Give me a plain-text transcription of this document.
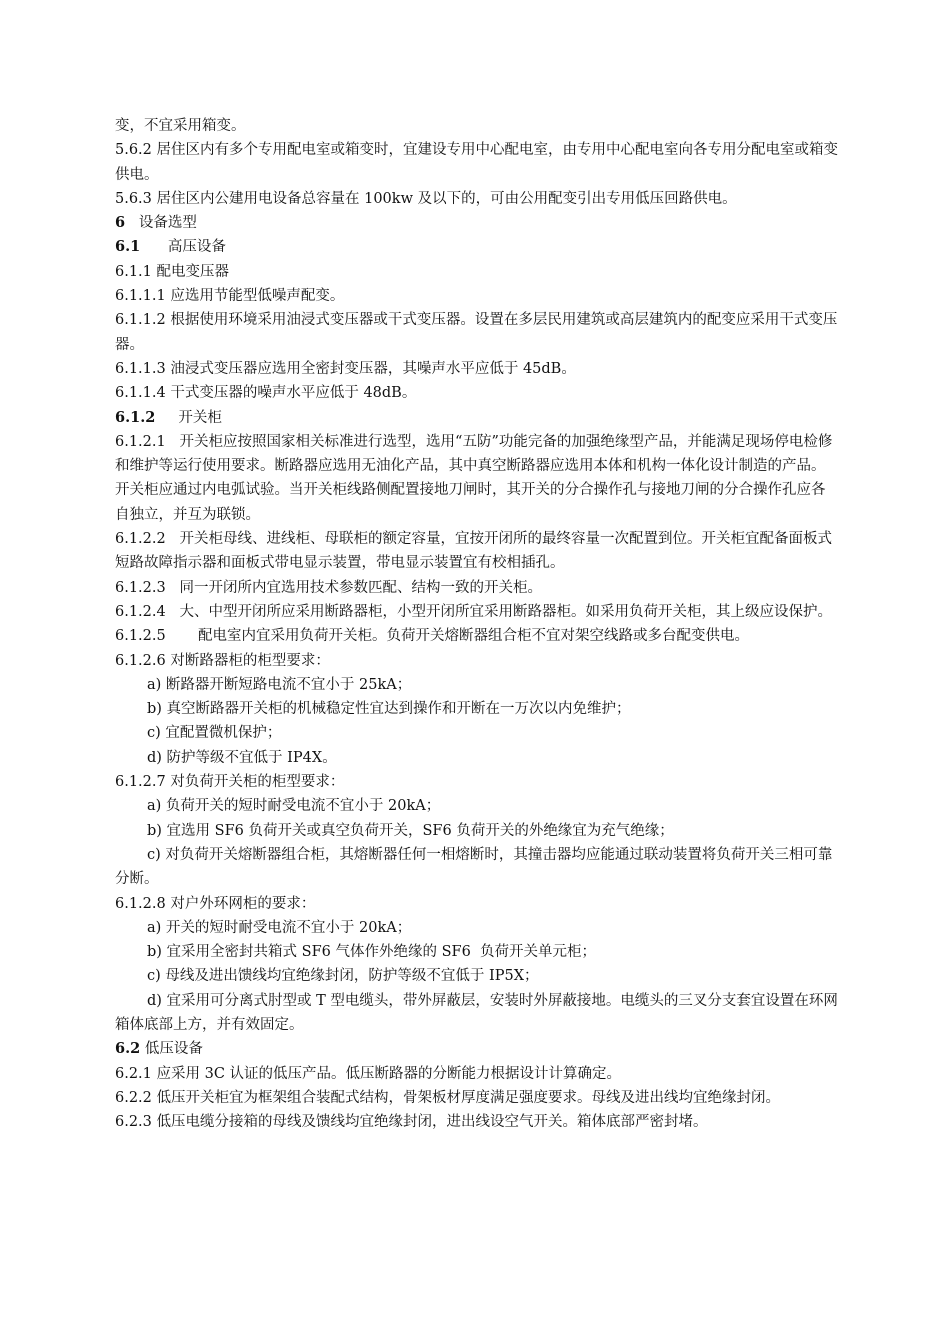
变，不宜采用箱变。

5.6.2 居住区内有多个专用配电室或箱变时，宜建设专用中心配电室，由专用中心配电室向各专用分配电室或箱变供电。

5.6.3 居住区内公建用电设备总容量在 100kw 及以下的，可由公用配变引出专用低压回路供电。

6   设备选型

6.1      高压设备

6.1.1 配电变压器

6.1.1.1 应选用节能型低噪声配变。

6.1.1.2 根据使用环境采用油浸式变压器或干式变压器。设置在多层民用建筑或高层建筑内的配变应采用干式变压器。

6.1.1.3 油浸式变压器应选用全密封变压器，其噪声水平应低于 45dB。

6.1.1.4 干式变压器的噪声水平应低于 48dB。

6.1.2     开关柜

6.1.2.1   开关柜应按照国家相关标准进行选型，选用“五防”功能完备的加强绝缘型产品，并能满足现场停电检修和维护等运行使用要求。断路器应选用无油化产品，其中真空断路器应选用本体和机构一体化设计制造的产品。开关柜应通过内电弧试验。当开关柜线路侧配置接地刀闸时，其开关的分合操作孔与接地刀闸的分合操作孔应各自独立，并互为联锁。

6.1.2.2   开关柜母线、进线柜、母联柜的额定容量，宜按开闭所的最终容量一次配置到位。开关柜宜配备面板式短路故障指示器和面板式带电显示装置，带电显示装置宜有校相插孔。

6.1.2.3   同一开闭所内宜选用技术参数匹配、结构一致的开关柜。

6.1.2.4   大、中型开闭所应采用断路器柜，小型开闭所宜采用断路器柜。如采用负荷开关柜，其上级应设保护。

6.1.2.5       配电室内宜采用负荷开关柜。负荷开关熔断器组合柜不宜对架空线路或多台配变供电。

6.1.2.6 对断路器柜的柜型要求：

a) 断路器开断短路电流不宜小于 25kA；

b) 真空断路器开关柜的机械稳定性宜达到操作和开断在一万次以内免维护；

c) 宜配置微机保护；

d) 防护等级不宜低于 IP4X。

6.1.2.7 对负荷开关柜的柜型要求：

a) 负荷开关的短时耐受电流不宜小于 20kA；

b) 宜选用 SF6 负荷开关或真空负荷开关，SF6 负荷开关的外绝缘宜为充气绝缘；

c) 对负荷开关熔断器组合柜，其熔断器任何一相熔断时，其撞击器均应能通过联动装置将负荷开关三相可靠分断。

6.1.2.8 对户外环网柜的要求：

a) 开关的短时耐受电流不宜小于 20kA；

b) 宜采用全密封共箱式 SF6 气体作外绝缘的 SF6  负荷开关单元柜；

c) 母线及进出馈线均宜绝缘封闭，防护等级不宜低于 IP5X；

d) 宜采用可分离式肘型或 T 型电缆头，带外屏蔽层，安装时外屏蔽接地。电缆头的三叉分支套宜设置在环网箱体底部上方，并有效固定。

6.2 低压设备

6.2.1 应采用 3C 认证的低压产品。低压断路器的分断能力根据设计计算确定。

6.2.2 低压开关柜宜为框架组合装配式结构，骨架板材厚度满足强度要求。母线及进出线均宜绝缘封闭。

6.2.3 低压电缆分接箱的母线及馈线均宜绝缘封闭，进出线设空气开关。箱体底部严密封堵。
